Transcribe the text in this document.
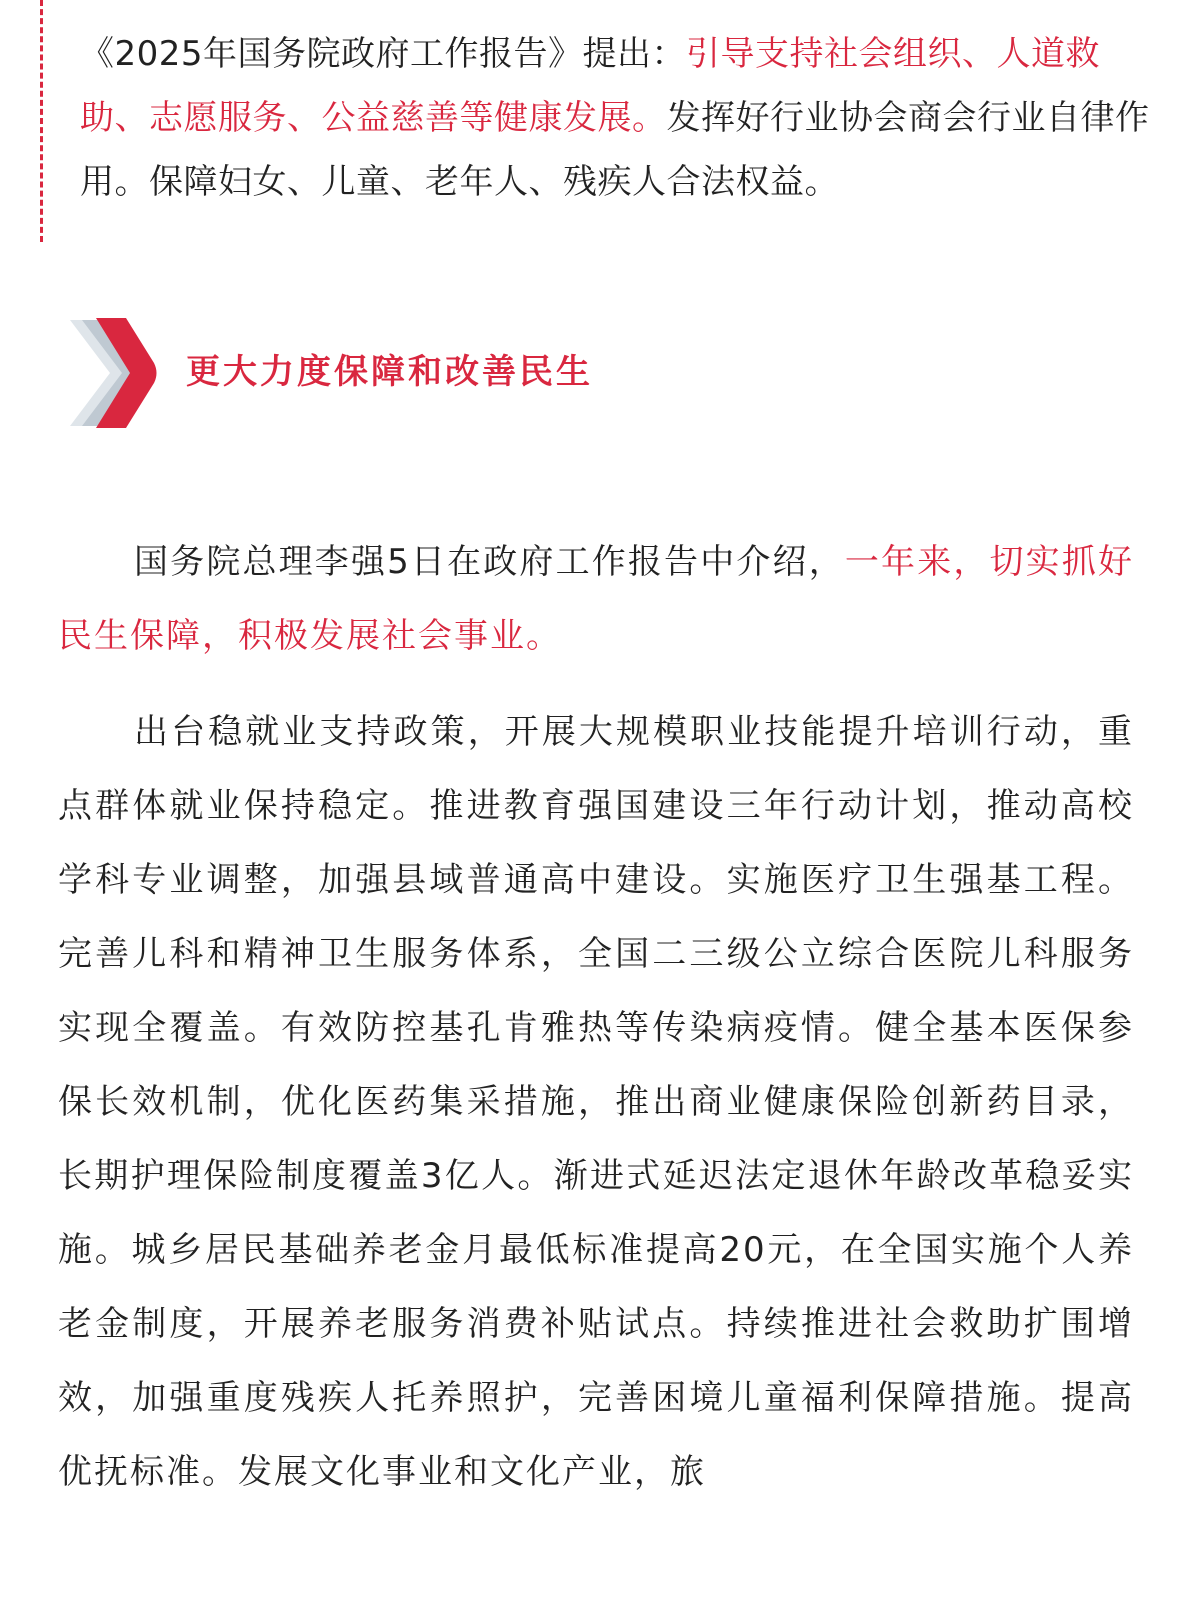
《2025年国务院政府工作报告》提出：引导支持社会组织、人道救助、志愿服务、公益慈善等健康发展。发挥好行业协会商会行业自律作用。保障妇女、儿童、老年人、残疾人合法权益。

更大力度保障和改善民生

国务院总理李强5日在政府工作报告中介绍，一年来，切实抓好民生保障，积极发展社会事业。

出台稳就业支持政策，开展大规模职业技能提升培训行动，重点群体就业保持稳定。推进教育强国建设三年行动计划，推动高校学科专业调整，加强县域普通高中建设。实施医疗卫生强基工程。完善儿科和精神卫生服务体系，全国二三级公立综合医院儿科服务实现全覆盖。有效防控基孔肯雅热等传染病疫情。健全基本医保参保长效机制，优化医药集采措施，推出商业健康保险创新药目录，长期护理保险制度覆盖3亿人。渐进式延迟法定退休年龄改革稳妥实施。城乡居民基础养老金月最低标准提高20元，在全国实施个人养老金制度，开展养老服务消费补贴试点。持续推进社会救助扩围增效，加强重度残疾人托养照护，完善困境儿童福利保障措施。提高优抚标准。发展文化事业和文化产业，旅
